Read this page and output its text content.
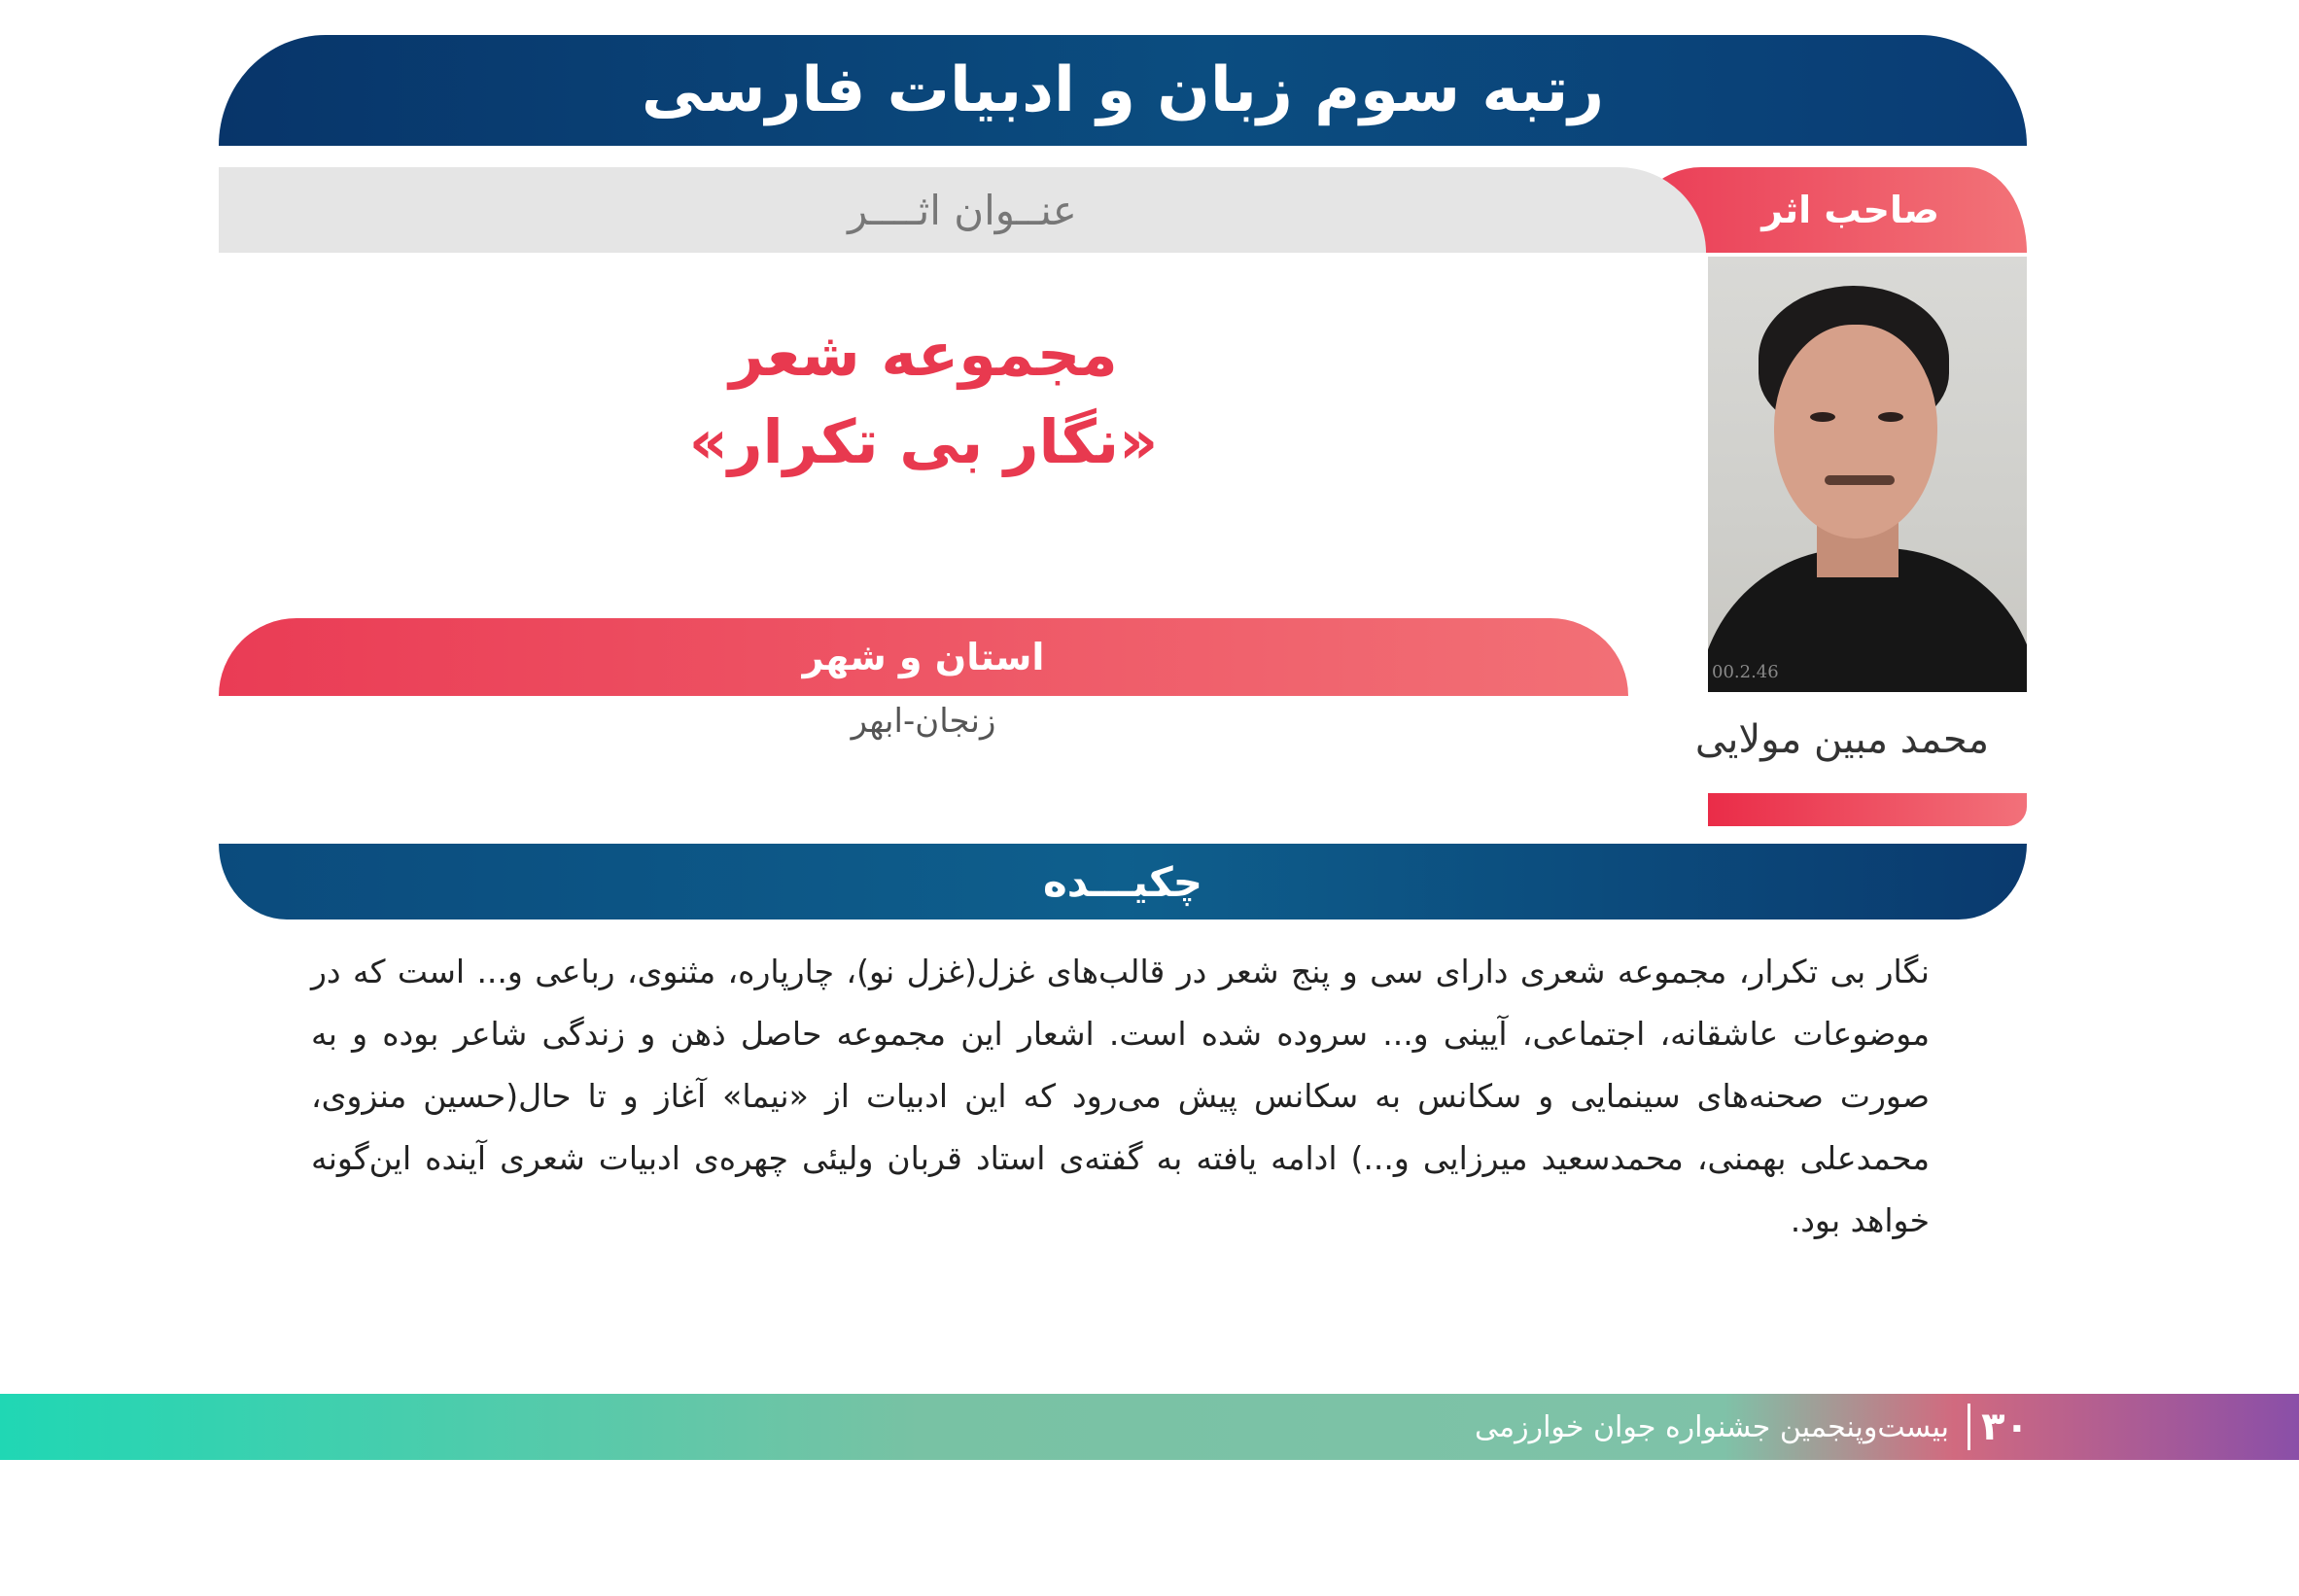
رتبه سوم زبان و ادبیات فارسی
صاحب اثر
عنــوان اثــــر
00.2.46
محمد مبین مولایی
مجموعه شعر
«نگار بی تکرار»
استان و شهر
زنجان-ابهر
چکیـــده

نگار بی تکرار، مجموعه شعری دارای سی و پنج شعر در قالب‌های غزل(غزل نو)، چارپاره، مثنوی، رباعی و... است که در موضوعات عاشقانه، اجتماعی، آیینی و... سروده شده است. اشعار این مجموعه حاصل ذهن و زندگی شاعر بوده و به صورت صحنه‌های سینمایی و سکانس به سکانس پیش می‌رود که این ادبیات از «نیما» آغاز و تا حال(حسین منزوی، محمدعلی بهمنی، محمدسعید میرزایی و...) ادامه یافته به گفته‌ی استاد قربان ولیئی چهره‌ی ادبیات شعری آینده این‌گونه خواهد بود.

بیست‌وپنجمین جشنواره جوان خوارزمی ۳۰
